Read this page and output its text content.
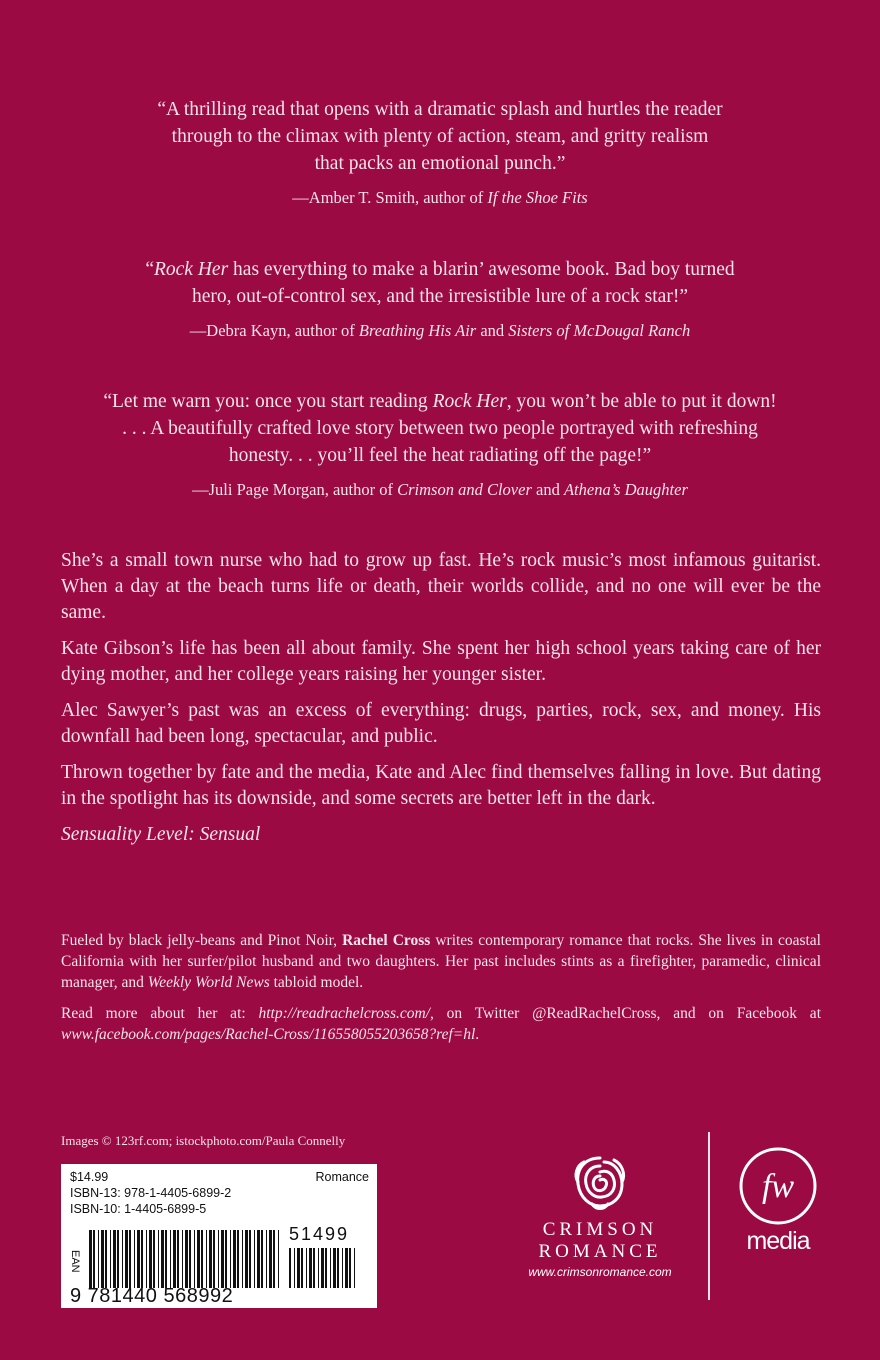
“A thrilling read that opens with a dramatic splash and hurtles the reader
through to the climax with plenty of action, steam, and gritty realism
that packs an emotional punch.”
—Amber T. Smith, author of If the Shoe Fits
“Rock Her has everything to make a blarin’ awesome book. Bad boy turned
hero, out-of-control sex, and the irresistible lure of a rock star!”
—Debra Kayn, author of Breathing His Air and Sisters of McDougal Ranch
“Let me warn you: once you start reading Rock Her, you won’t be able to put it down!
. . . A beautifully crafted love story between two people portrayed with refreshing
honesty. . . you’ll feel the heat radiating off the page!”
—Juli Page Morgan, author of Crimson and Clover and Athena’s Daughter

She’s a small town nurse who had to grow up fast. He’s rock music’s most infamous guitarist. When a day at the beach turns life or death, their worlds collide, and no one will ever be the same.

Kate Gibson’s life has been all about family. She spent her high school years taking care of her dying mother, and her college years raising her younger sister.

Alec Sawyer’s past was an excess of everything: drugs, parties, rock, sex, and money. His downfall had been long, spectacular, and public.

Thrown together by fate and the media, Kate and Alec find themselves falling in love. But dating in the spotlight has its downside, and some secrets are better left in the dark.

Sensuality Level: Sensual

Fueled by black jelly-beans and Pinot Noir, Rachel Cross writes contemporary romance that rocks. She lives in coastal California with her surfer/pilot husband and two daughters. Her past includes stints as a firefighter, paramedic, clinical manager, and Weekly World News tabloid model.

Read more about her at: http://readrachelcross.com/, on Twitter @ReadRachelCross, and on Facebook at www.facebook.com/pages/Rachel-Cross/116558055203658?ref=hl.

Images © 123rf.com; istockphoto.com/Paula Connelly
$14.99
ISBN-13: 978-1-4405-6899-2
ISBN-10: 1-4405-6899-5
Romance
EAN
51499
9 781440 568992
CRIMSON
ROMANCE
www.crimsonromance.com
fw
media
